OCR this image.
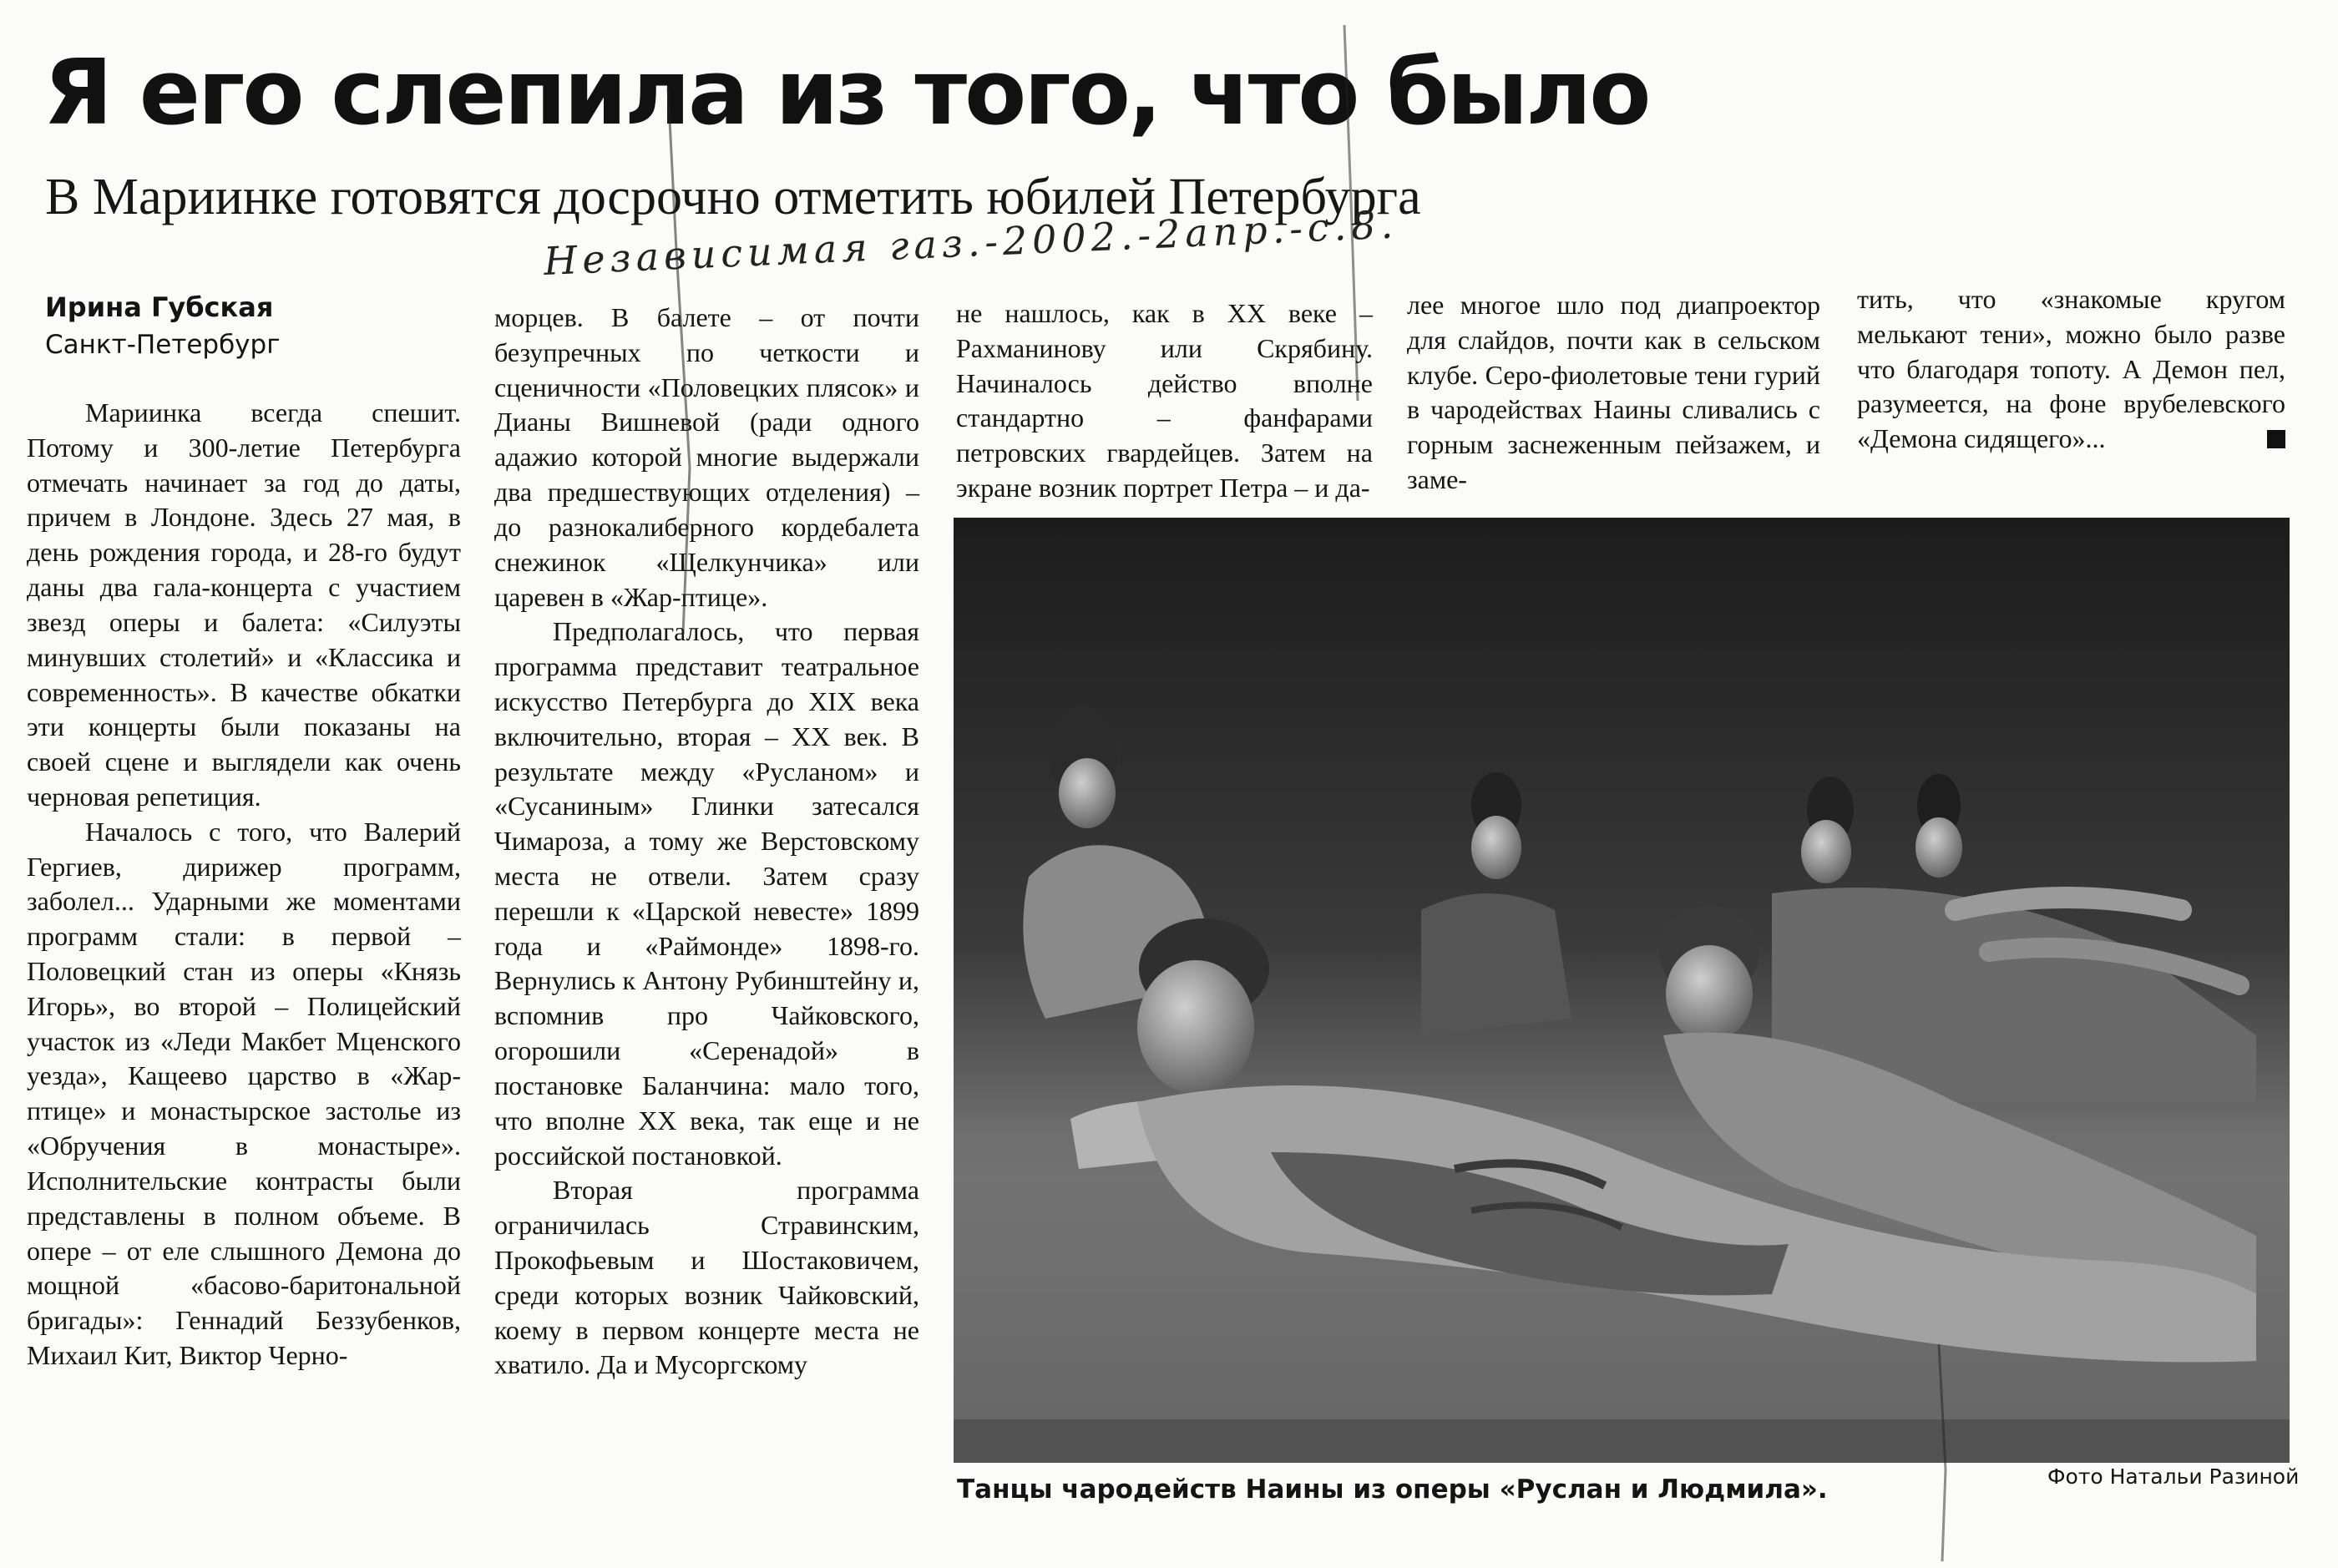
Я его слепила из того, что было
В Мариинке готовятся досрочно отметить юбилей Петербурга
Независимая газ.-2002.-2апр.-с.8.
Ирина Губская
Санкт-Петербург

Мариинка всегда спешит. Потому и 300-летие Петербурга отмечать начинает за год до даты, причем в Лондоне. Здесь 27 мая, в день рождения города, и 28-го будут даны два гала-концерта с участием звезд оперы и балета: «Силуэты минувших столетий» и «Классика и современность». В качестве обкатки эти концерты были показаны на своей сцене и выглядели как очень черновая репетиция.

Началось с того, что Валерий Гергиев, дирижер программ, заболел... Ударными же моментами программ стали: в первой – Половецкий стан из оперы «Князь Игорь», во второй – Полицейский участок из «Леди Макбет Мценского уезда», Кащеево царство в «Жар-птице» и монастырское застолье из «Обручения в монастыре». Исполнительские контрасты были представлены в полном объеме. В опере – от еле слышного Демона до мощной «басово-баритональной бригады»: Геннадий Беззубенков, Михаил Кит, Виктор Черно-

морцев. В балете – от почти безупречных по четкости и сценичности «Половецких плясок» и Дианы Вишневой (ради одного адажио которой многие выдержали два предшествующих отделения) – до разнокалиберного кордебалета снежинок «Щелкунчика» или царевен в «Жар-птице».

Предполагалось, что первая программа представит театральное искусство Петербурга до XIX века включительно, вторая – XX век. В результате между «Русланом» и «Сусаниным» Глинки затесался Чимароза, а тому же Верстовскому места не отвели. Затем сразу перешли к «Царской невесте» 1899 года и «Раймонде» 1898-го. Вернулись к Антону Рубинштейну и, вспомнив про Чайковского, огорошили «Серенадой» в постановке Баланчина: мало того, что вполне XX века, так еще и не российской постановкой.

Вторая программа ограничилась Стравинским, Прокофьевым и Шостаковичем, среди которых возник Чайковский, коему в первом концерте места не хватило. Да и Мусоргскому

не нашлось, как в XX веке – Рахманинову или Скрябину. Начиналось действо вполне стандартно – фанфарами петровских гвардейцев. Затем на экране возник портрет Петра – и да-

лее многое шло под диапроектор для слайдов, почти как в сельском клубе. Серо-фиолетовые тени гурий в чародействах Наины сливались с горным заснеженным пейзажем, и заме-

тить, что «знакомые кругом мелькают тени», можно было разве что благодаря топоту. А Демон пел, разумеется, на фоне врубелевского «Демона сидящего»...

Танцы чародейств Наины из оперы «Руслан и Людмила».	Фото Натальи Разиной
